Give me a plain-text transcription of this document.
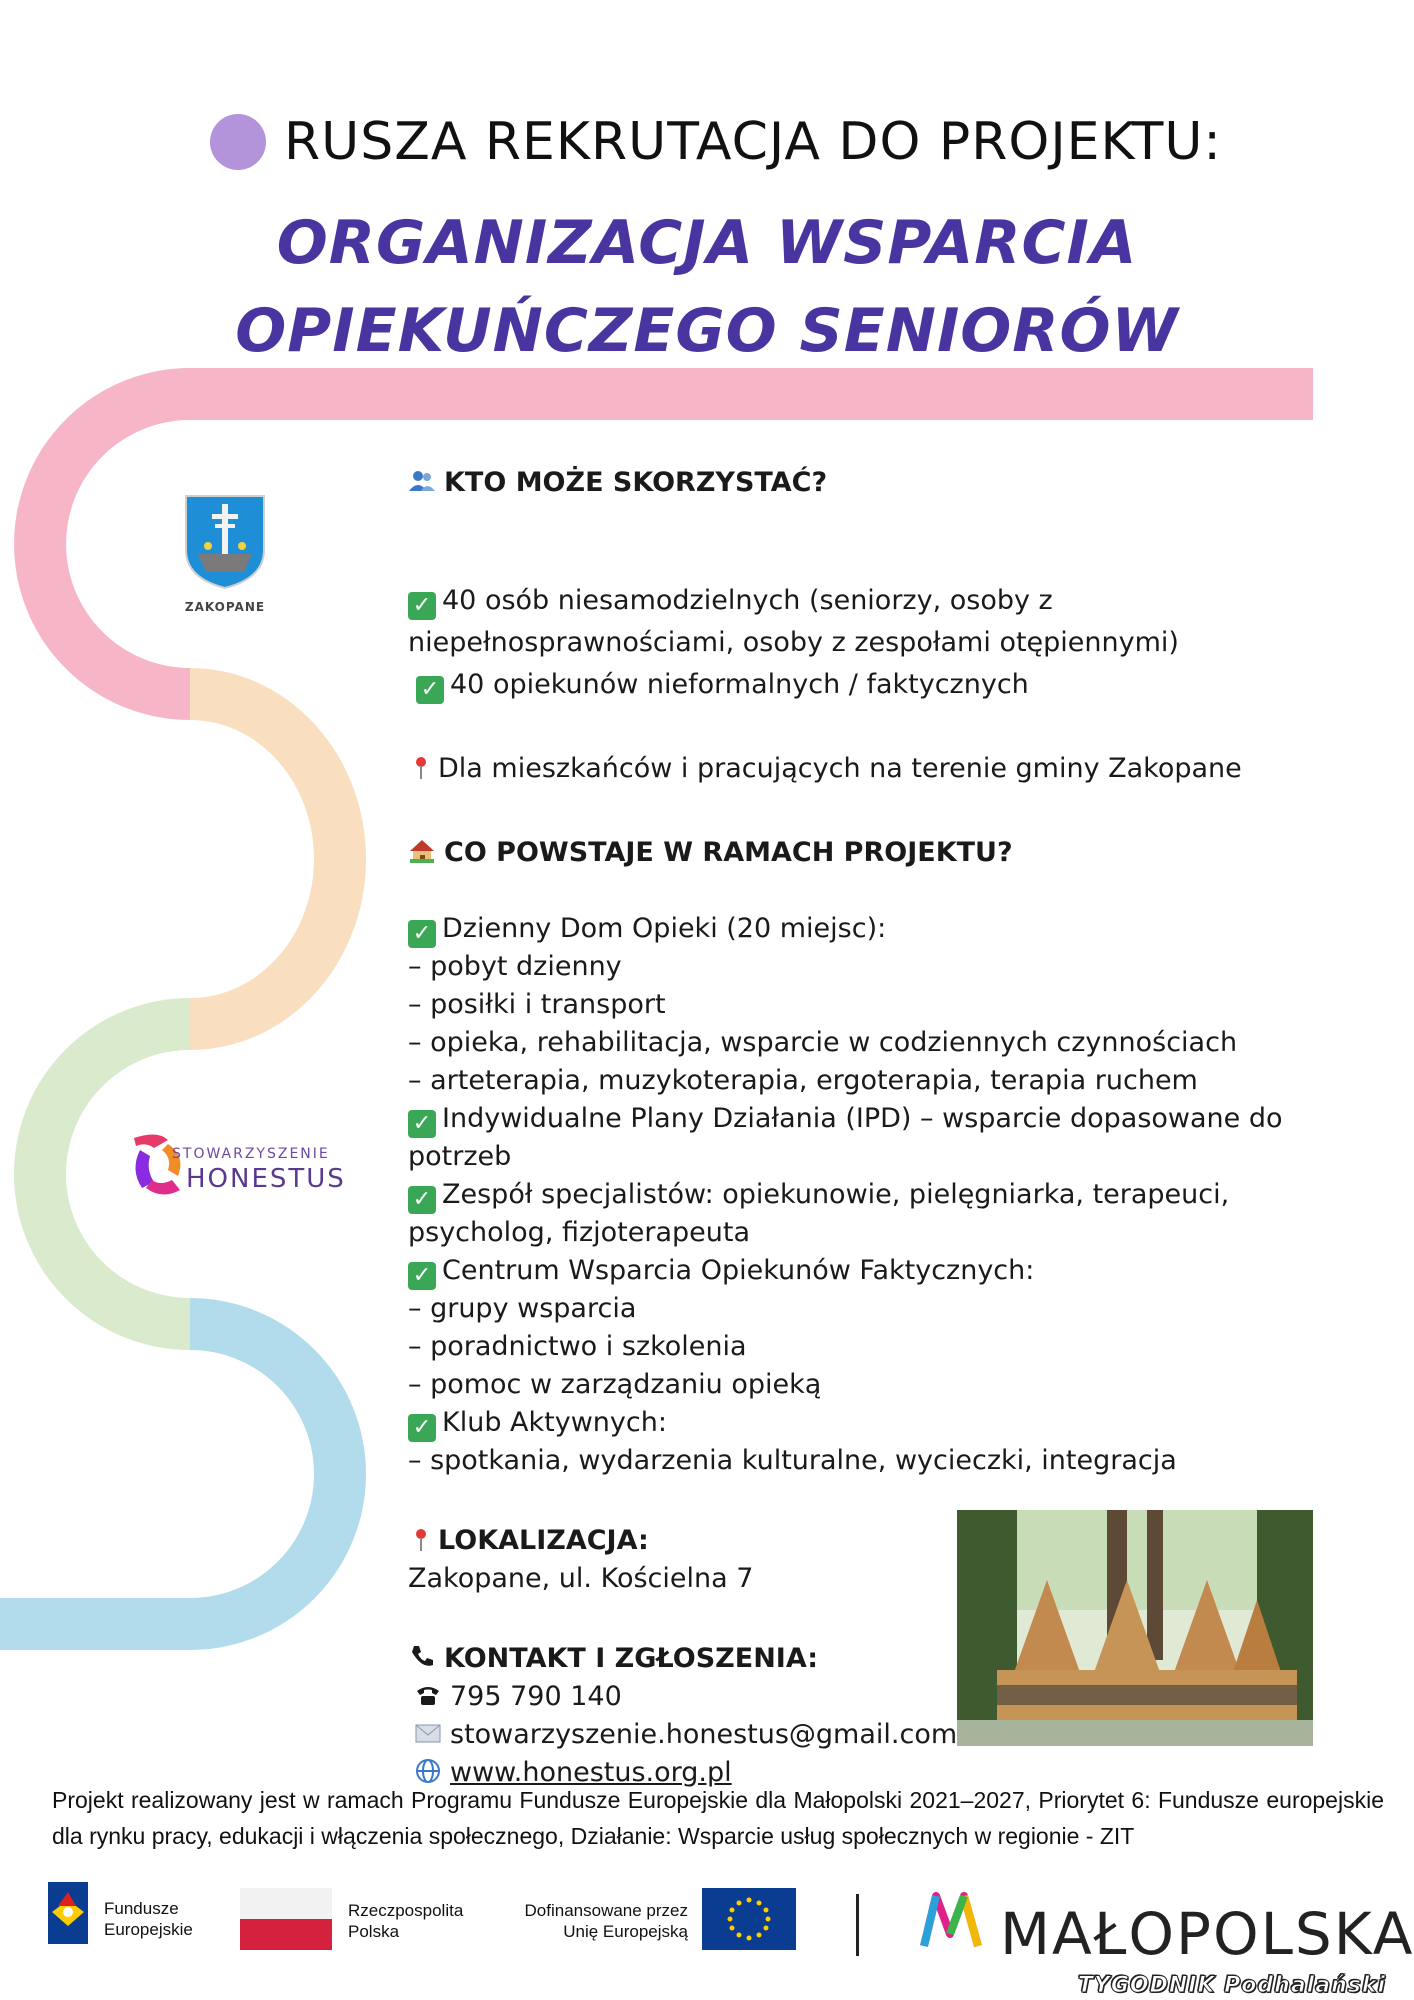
RUSZA REKRUTACJA DO PROJEKTU:
ORGANIZACJA WSPARCIA
OPIEKUŃCZEGO SENIORÓW
ZAKOPANE
STOWARZYSZENIE
HONESTUS
KTO MOŻE SKORZYSTAĆ?
✓ 40 osób niesamodzielnych (seniorzy, osoby z niepełnosprawnościami, osoby z zespołami otępiennymi)
✓ 40 opiekunów nieformalnych / faktycznych
Dla mieszkańców i pracujących na terenie gminy Zakopane
CO POWSTAJE W RAMACH PROJEKTU?
✓ Dzienny Dom Opieki (20 miejsc):
– pobyt dzienny
– posiłki i transport
– opieka, rehabilitacja, wsparcie w codziennych czynnościach
– arteterapia, muzykoterapia, ergoterapia, terapia ruchem
✓ Indywidualne Plany Działania (IPD) – wsparcie dopasowane do potrzeb
✓ Zespół specjalistów: opiekunowie, pielęgniarka, terapeuci, psycholog, fizjoterapeuta
✓ Centrum Wsparcia Opiekunów Faktycznych:
– grupy wsparcia
– poradnictwo i szkolenia
– pomoc w zarządzaniu opieką
✓ Klub Aktywnych:
– spotkania, wydarzenia kulturalne, wycieczki, integracja
LOKALIZACJA:
Zakopane, ul. Kościelna 7
KONTAKT I ZGŁOSZENIA:
795 790 140
stowarzyszenie.honestus@gmail.com
www.honestus.org.pl
Projekt realizowany jest w ramach Programu Fundusze Europejskie dla Małopolski 2021–2027, Priorytet 6: Fundusze europejskie dla rynku pracy, edukacji i włączenia społecznego, Działanie: Wsparcie usług społecznych w regionie - ZIT
Fundusze Europejskie
Rzeczpospolita Polska
Dofinansowane przez Unię Europejską	MAŁOPOLSKA
TYGODNIK Podhalański
